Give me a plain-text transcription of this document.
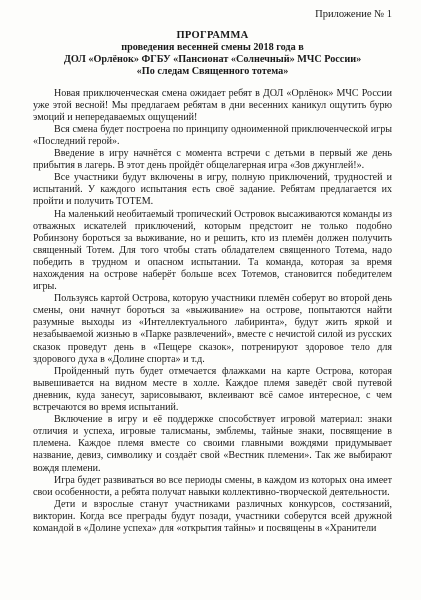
Приложение № 1
ПРОГРАММА
проведения весенней смены 2018 года в
ДОЛ «Орлёнок» ФГБУ «Пансионат «Солнечный» МЧС России»
«По следам Священного тотема»

Новая приключенческая смена ожидает ребят в ДОЛ «Орлёнок» МЧС России уже этой весной! Мы предлагаем ребятам в дни весенних каникул ощутить бурю эмоций и непередаваемых ощущений!

Вся смена будет построена по принципу одноименной приключенческой игры «Последний герой».

Введение в игру начнётся с момента встречи с детьми в первый же день прибытия в лагерь. В этот день пройдёт общелагерная игра «Зов джунглей!».

Все участники будут включены в игру, полную приключений, трудностей и испытаний. У каждого испытания есть своё задание. Ребятам предлагается их пройти и получить ТОТЕМ.

На маленький необитаемый тропический Островок высаживаются команды из отважных искателей приключений, которым предстоит не только подобно Робинзону бороться за выживание, но и решить, кто из племён должен получить священный Тотем. Для того чтобы стать обладателем священного Тотема, надо победить в трудном и опасном испытании. Та команда, которая за время нахождения на острове наберёт больше всех Тотемов, становится победителем игры.

Пользуясь картой Острова, которую участники племён соберут во второй день смены, они начнут бороться за «выживание» на острове, попытаются найти разумные выходы из «Интеллектуального лабиринта», будут жить яркой и незабываемой жизнью в «Парке развлечений», вместе с нечистой силой из русских сказок проведут день в «Пещере сказок», потренируют здоровое тело для здорового духа в «Долине спорта» и т.д.

Пройденный путь будет отмечается флажками на карте Острова, которая вывешивается на видном месте в холле. Каждое племя заведёт свой путевой дневник, куда занесут, зарисовывают, вклеивают всё самое интересное, с чем встречаются во время испытаний.

Включение в игру и её поддержке способствует игровой материал: знаки отличия и успеха, игровые талисманы, эмблемы, тайные знаки, посвящение в племена. Каждое племя вместе со своими главными вождями придумывает название, девиз, символику и создаёт свой «Вестник племени». Так же выбирают вождя племени.

Игра будет развиваться во все периоды смены, в каждом из которых она имеет свои особенности, а ребята получат навыки коллективно-творческой деятельности.

Дети и взрослые станут участниками различных конкурсов, состязаний, викторин. Когда все преграды будут позади, участники соберутся всей дружной командой в «Долине успеха» для «открытия тайны» и посвящены в «Хранители
